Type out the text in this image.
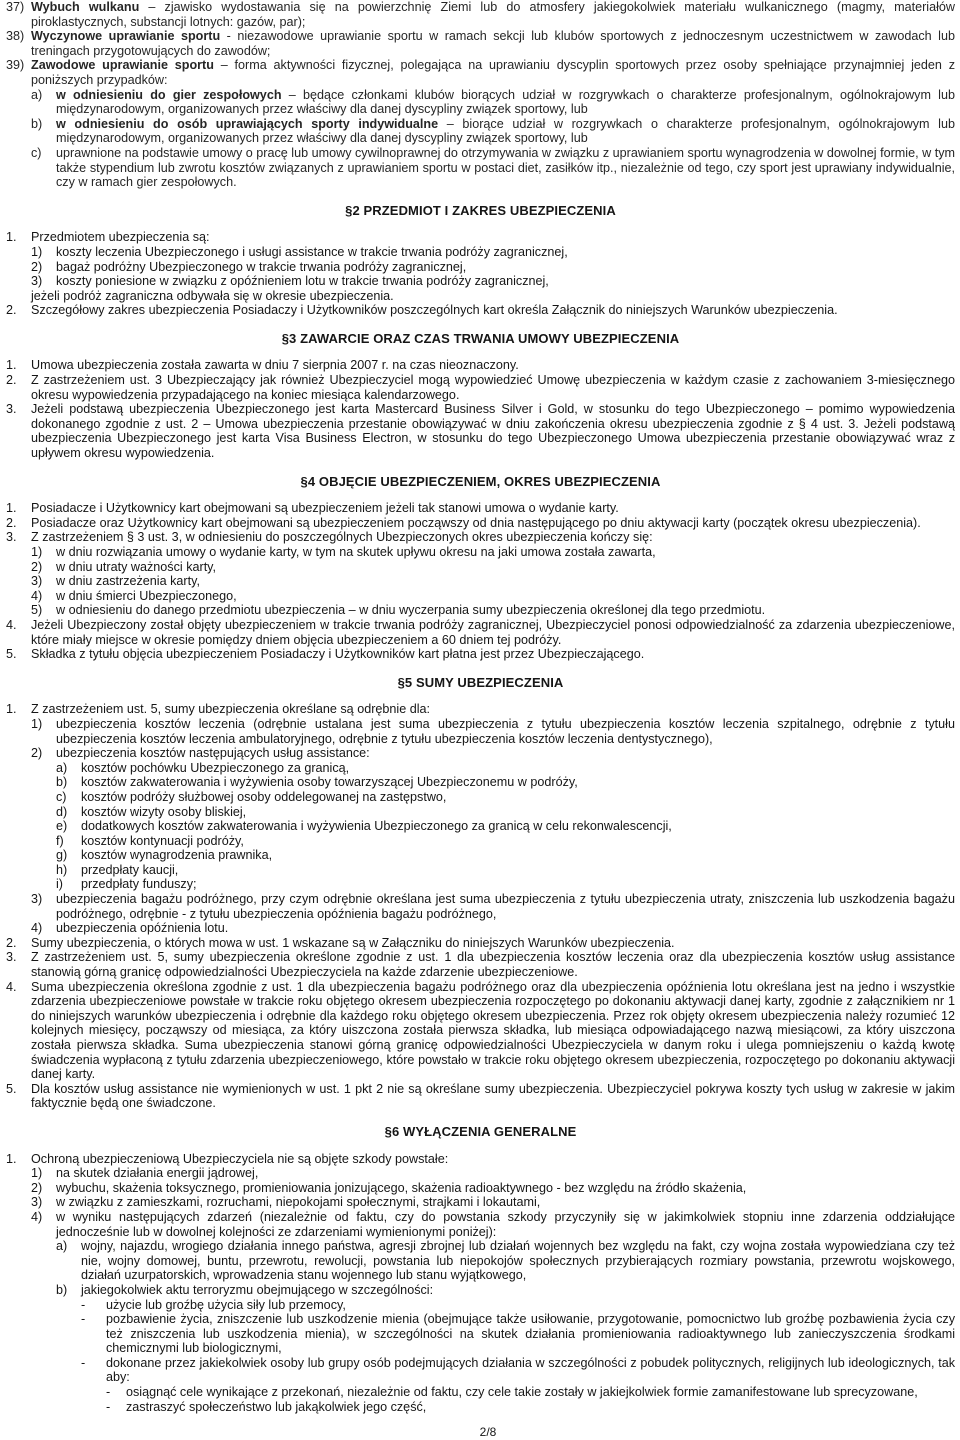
37) Wybuch wulkanu – zjawisko wydostawania się na powierzchnię Ziemi lub do atmosfery jakiegokolwiek materiału wulkanicznego (magmy, materiałów piroklastycznych, substancji lotnych: gazów, par);

38) Wyczynowe uprawianie sportu - niezawodowe uprawianie sportu w ramach sekcji lub klubów sportowych z jednoczesnym uczestnictwem w zawodach lub treningach przygotowujących do zawodów;

39) Zawodowe uprawianie sportu – forma aktywności fizycznej, polegająca na uprawianiu dyscyplin sportowych przez osoby spełniające przynajmniej jeden z poniższych przypadków:

a) w odniesieniu do gier zespołowych – będące członkami klubów biorących udział w rozgrywkach o charakterze profesjonalnym, ogólnokrajowym lub międzynarodowym, organizowanych przez właściwy dla danej dyscypliny związek sportowy, lub

b) w odniesieniu do osób uprawiających sporty indywidualne – biorące udział w rozgrywkach o charakterze profesjonalnym, ogólnokrajowym lub międzynarodowym, organizowanych przez właściwy dla danej dyscypliny związek sportowy, lub

c) uprawnione na podstawie umowy o pracę lub umowy cywilnoprawnej do otrzymywania w związku z uprawianiem sportu wynagrodzenia w dowolnej formie, w tym także stypendium lub zwrotu kosztów związanych z uprawianiem sportu w postaci diet, zasiłków itp., niezależnie od tego, czy sport jest uprawiany indywidualnie, czy w ramach gier zespołowych.

§2 PRZEDMIOT I ZAKRES UBEZPIECZENIA

1. Przedmiotem ubezpieczenia są:

1) koszty leczenia Ubezpieczonego i usługi assistance w trakcie trwania podróży zagranicznej,

2) bagaż podróżny Ubezpieczonego w trakcie trwania podróży zagranicznej,

3) koszty poniesione w związku z opóźnieniem lotu w trakcie trwania podróży zagranicznej,

jeżeli podróż zagraniczna odbywała się w okresie ubezpieczenia.

2. Szczegółowy zakres ubezpieczenia Posiadaczy i Użytkowników poszczególnych kart określa Załącznik do niniejszych Warunków ubezpieczenia.

§3 ZAWARCIE ORAZ CZAS TRWANIA UMOWY UBEZPIECZENIA

1. Umowa ubezpieczenia została zawarta w dniu 7 sierpnia 2007 r. na czas nieoznaczony.

2. Z zastrzeżeniem ust. 3 Ubezpieczający jak również Ubezpieczyciel mogą wypowiedzieć Umowę ubezpieczenia w każdym czasie z zachowaniem 3-miesięcznego okresu wypowiedzenia przypadającego na koniec miesiąca kalendarzowego.

3. Jeżeli podstawą ubezpieczenia Ubezpieczonego jest karta Mastercard Business Silver i Gold, w stosunku do tego Ubezpieczonego – pomimo wypowiedzenia dokonanego zgodnie z ust. 2 – Umowa ubezpieczenia przestanie obowiązywać w dniu zakończenia okresu ubezpieczenia zgodnie z § 4 ust. 3. Jeżeli podstawą ubezpieczenia Ubezpieczonego jest karta Visa Business Electron, w stosunku do tego Ubezpieczonego Umowa ubezpieczenia przestanie obowiązywać wraz z upływem okresu wypowiedzenia.

§4 OBJĘCIE UBEZPIECZENIEM, OKRES UBEZPIECZENIA

1. Posiadacze i Użytkownicy kart obejmowani są ubezpieczeniem jeżeli tak stanowi umowa o wydanie karty.

2. Posiadacze oraz Użytkownicy kart obejmowani są ubezpieczeniem począwszy od dnia następującego po dniu aktywacji karty (początek okresu ubezpieczenia).

3. Z zastrzeżeniem § 3 ust. 3, w odniesieniu do poszczególnych Ubezpieczonych okres ubezpieczenia kończy się:

1) w dniu rozwiązania umowy o wydanie karty, w tym na skutek upływu okresu na jaki umowa została zawarta,

2) w dniu utraty ważności karty,

3) w dniu zastrzeżenia karty,

4) w dniu śmierci Ubezpieczonego,

5) w odniesieniu do danego przedmiotu ubezpieczenia – w dniu wyczerpania sumy ubezpieczenia określonej dla tego przedmiotu.

4. Jeżeli Ubezpieczony został objęty ubezpieczeniem w trakcie trwania podróży zagranicznej, Ubezpieczyciel ponosi odpowiedzialność za zdarzenia ubezpieczeniowe, które miały miejsce w okresie pomiędzy dniem objęcia ubezpieczeniem a 60 dniem tej podróży.

5. Składka z tytułu objęcia ubezpieczeniem Posiadaczy i Użytkowników kart płatna jest przez Ubezpieczającego.

§5 SUMY UBEZPIECZENIA

1. Z zastrzeżeniem ust. 5, sumy ubezpieczenia określane są odrębnie dla:

1) ubezpieczenia kosztów leczenia (odrębnie ustalana jest suma ubezpieczenia z tytułu ubezpieczenia kosztów leczenia szpitalnego, odrębnie z tytułu ubezpieczenia kosztów leczenia ambulatoryjnego, odrębnie z tytułu ubezpieczenia kosztów leczenia dentystycznego),

2) ubezpieczenia kosztów następujących usług assistance:

a) kosztów pochówku Ubezpieczonego za granicą,

b) kosztów zakwaterowania i wyżywienia osoby towarzyszącej Ubezpieczonemu w podróży,

c) kosztów podróży służbowej osoby oddelegowanej na zastępstwo,

d) kosztów wizyty osoby bliskiej,

e) dodatkowych kosztów zakwaterowania i wyżywienia Ubezpieczonego za granicą w celu rekonwalescencji,

f) kosztów kontynuacji podróży,

g) kosztów wynagrodzenia prawnika,

h) przedpłaty kaucji,

i) przedpłaty funduszy;

3) ubezpieczenia bagażu podróżnego, przy czym odrębnie określana jest suma ubezpieczenia z tytułu ubezpieczenia utraty, zniszczenia lub uszkodzenia bagażu podróżnego, odrębnie - z tytułu ubezpieczenia opóźnienia bagażu podróżnego,

4) ubezpieczenia opóźnienia lotu.

2. Sumy ubezpieczenia, o których mowa w ust. 1 wskazane są w Załączniku do niniejszych Warunków ubezpieczenia.

3. Z zastrzeżeniem ust. 5, sumy ubezpieczenia określone zgodnie z ust. 1 dla ubezpieczenia kosztów leczenia oraz dla ubezpieczenia kosztów usług assistance stanowią górną granicę odpowiedzialności Ubezpieczyciela na każde zdarzenie ubezpieczeniowe.

4. Suma ubezpieczenia określona zgodnie z ust. 1 dla ubezpieczenia bagażu podróżnego oraz dla ubezpieczenia opóźnienia lotu określana jest na jedno i wszystkie zdarzenia ubezpieczeniowe powstałe w trakcie roku objętego okresem ubezpieczenia rozpoczętego po dokonaniu aktywacji danej karty, zgodnie z załącznikiem nr 1 do niniejszych warunków ubezpieczenia i odrębnie dla każdego roku objętego okresem ubezpieczenia. Przez rok objęty okresem ubezpieczenia należy rozumieć 12 kolejnych miesięcy, począwszy od miesiąca, za który uiszczona została pierwsza składka, lub miesiąca odpowiadającego nazwą miesiącowi, za który uiszczona została pierwsza składka. Suma ubezpieczenia stanowi górną granicę odpowiedzialności Ubezpieczyciela w danym roku i ulega pomniejszeniu o każdą kwotę świadczenia wypłaconą z tytułu zdarzenia ubezpieczeniowego, które powstało w trakcie roku objętego okresem ubezpieczenia, rozpoczętego po dokonaniu aktywacji danej karty.

5. Dla kosztów usług assistance nie wymienionych w ust. 1 pkt 2 nie są określane sumy ubezpieczenia. Ubezpieczyciel pokrywa koszty tych usług w zakresie w jakim faktycznie będą one świadczone.

§6 WYŁĄCZENIA GENERALNE

1. Ochroną ubezpieczeniową Ubezpieczyciela nie są objęte szkody powstałe:

1) na skutek działania energii jądrowej,

2) wybuchu, skażenia toksycznego, promieniowania jonizującego, skażenia radioaktywnego - bez względu na źródło skażenia,

3) w związku z zamieszkami, rozruchami, niepokojami społecznymi, strajkami i lokautami,

4) w wyniku następujących zdarzeń (niezależnie od faktu, czy do powstania szkody przyczyniły się w jakimkolwiek stopniu inne zdarzenia oddziałujące jednocześnie lub w dowolnej kolejności ze zdarzeniami wymienionymi poniżej):

a) wojny, najazdu, wrogiego działania innego państwa, agresji zbrojnej lub działań wojennych bez względu na fakt, czy wojna została wypowiedziana czy też nie, wojny domowej, buntu, przewrotu, rewolucji, powstania lub niepokojów społecznych przybierających rozmiary powstania, przewrotu wojskowego, działań uzurpatorskich, wprowadzenia stanu wojennego lub stanu wyjątkowego,

b) jakiegokolwiek aktu terroryzmu obejmującego w szczególności:

- użycie lub groźbę użycia siły lub przemocy,

- pozbawienie życia, zniszczenie lub uszkodzenie mienia (obejmujące także usiłowanie, przygotowanie, pomocnictwo lub groźbę pozbawienia życia czy też zniszczenia lub uszkodzenia mienia), w szczególności na skutek działania promieniowania radioaktywnego lub zanieczyszczenia środkami chemicznymi lub biologicznymi,

- dokonane przez jakiekolwiek osoby lub grupy osób podejmujących działania w szczególności z pobudek politycznych, religijnych lub ideologicznych, tak aby:

- osiągnąć cele wynikające z przekonań, niezależnie od faktu, czy cele takie zostały w jakiejkolwiek formie zamanifestowane lub sprecyzowane,

- zastraszyć społeczeństwo lub jakąkolwiek jego część,

2/8
